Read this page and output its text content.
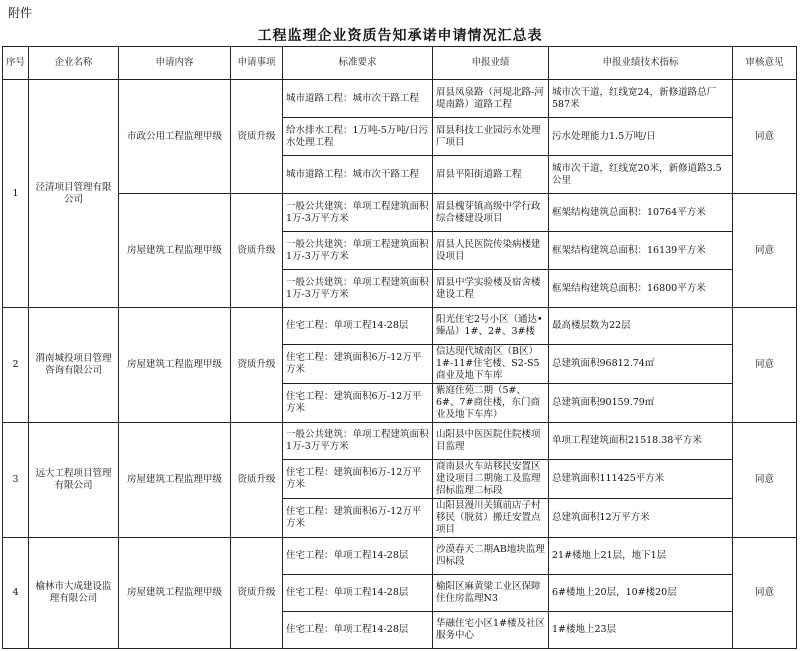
附件
工程监理企业资质告知承诺申请情况汇总表
序号	企业名称	申请内容	申请事项	标准要求	申报业绩	申报业绩技术指标	审核意见
1	泾清项目管理有限公司	市政公用工程监理甲级	资质升级	城市道路工程：城市次干路工程	眉县凤泉路（河堤北路-河堤南路）道路工程	城市次干道，红线宽24，新修道路总厂587米	同意
				给水排水工程：1万吨-5万吨/日污水处理工程	眉县科技工业园污水处理厂项目	污水处理能力1.5万吨/日	
				城市道路工程：城市次干路工程	眉县平阳街道路工程	城市次干道，红线宽20米，新修道路3.5公里	
		房屋建筑工程监理甲级	资质升级	一般公共建筑：单项工程建筑面积1万-3万平方米	眉县槐芽镇高级中学行政综合楼建设项目	框架结构建筑总面积：10764平方米	同意
				一般公共建筑：单项工程建筑面积1万-3万平方米	眉县人民医院传染病楼建设项目	框架结构建筑总面积：16139平方米	
				一般公共建筑：单项工程建筑面积1万-3万平方米	眉县中学实验楼及宿舍楼建设工程	框架结构建筑总面积：16800平方米	
2	渭南城投项目管理咨询有限公司	房屋建筑工程监理甲级	资质升级	住宅工程：单项工程14-28层	阳光住宅2号小区（通达•臻品）1#、2#、3#楼	最高楼层数为22层	同意
				住宅工程：建筑面积6万-12万平方米	信达现代城南区（B区）1#-11#住宅楼、S2-S5商业及地下车库	总建筑面积96812.74㎡	
				住宅工程：建筑面积6万-12万平方米	紫庭住苑二期（5#、6#、7#商住楼，东门商业及地下车库）	总建筑面积90159.79㎡	
3	远大工程项目管理有限公司	房屋建筑工程监理甲级	资质升级	一般公共建筑：单项工程建筑面积1万-3万平方米	山阳县中医医院住院楼项目监理	单项工程建筑面积21518.38平方米	同意
				住宅工程：建筑面积6万-12万平方米	商南县火车站移民安置区建设项目二期施工及监理招标监理二标段	总建筑面积111425平方米	
				住宅工程：建筑面积6万-12万平方米	山阳县漫川关镇前店子村移民（脱贫）搬迁安置点项目	总建筑面积12万平方米	
4	榆林市大成建设监理有限公司	房屋建筑工程监理甲级	资质升级	住宅工程：单项工程14-28层	沙漠春天二期AB地块监理四标段	21#楼地上21层，地下1层	同意
				住宅工程：单项工程14-28层	榆阳区麻黄梁工业区保障住住房监理N3	6#楼地上20层，10#楼20层	
				住宅工程：单项工程14-28层	华融住宅小区1#楼及社区服务中心	1#楼地上23层	
